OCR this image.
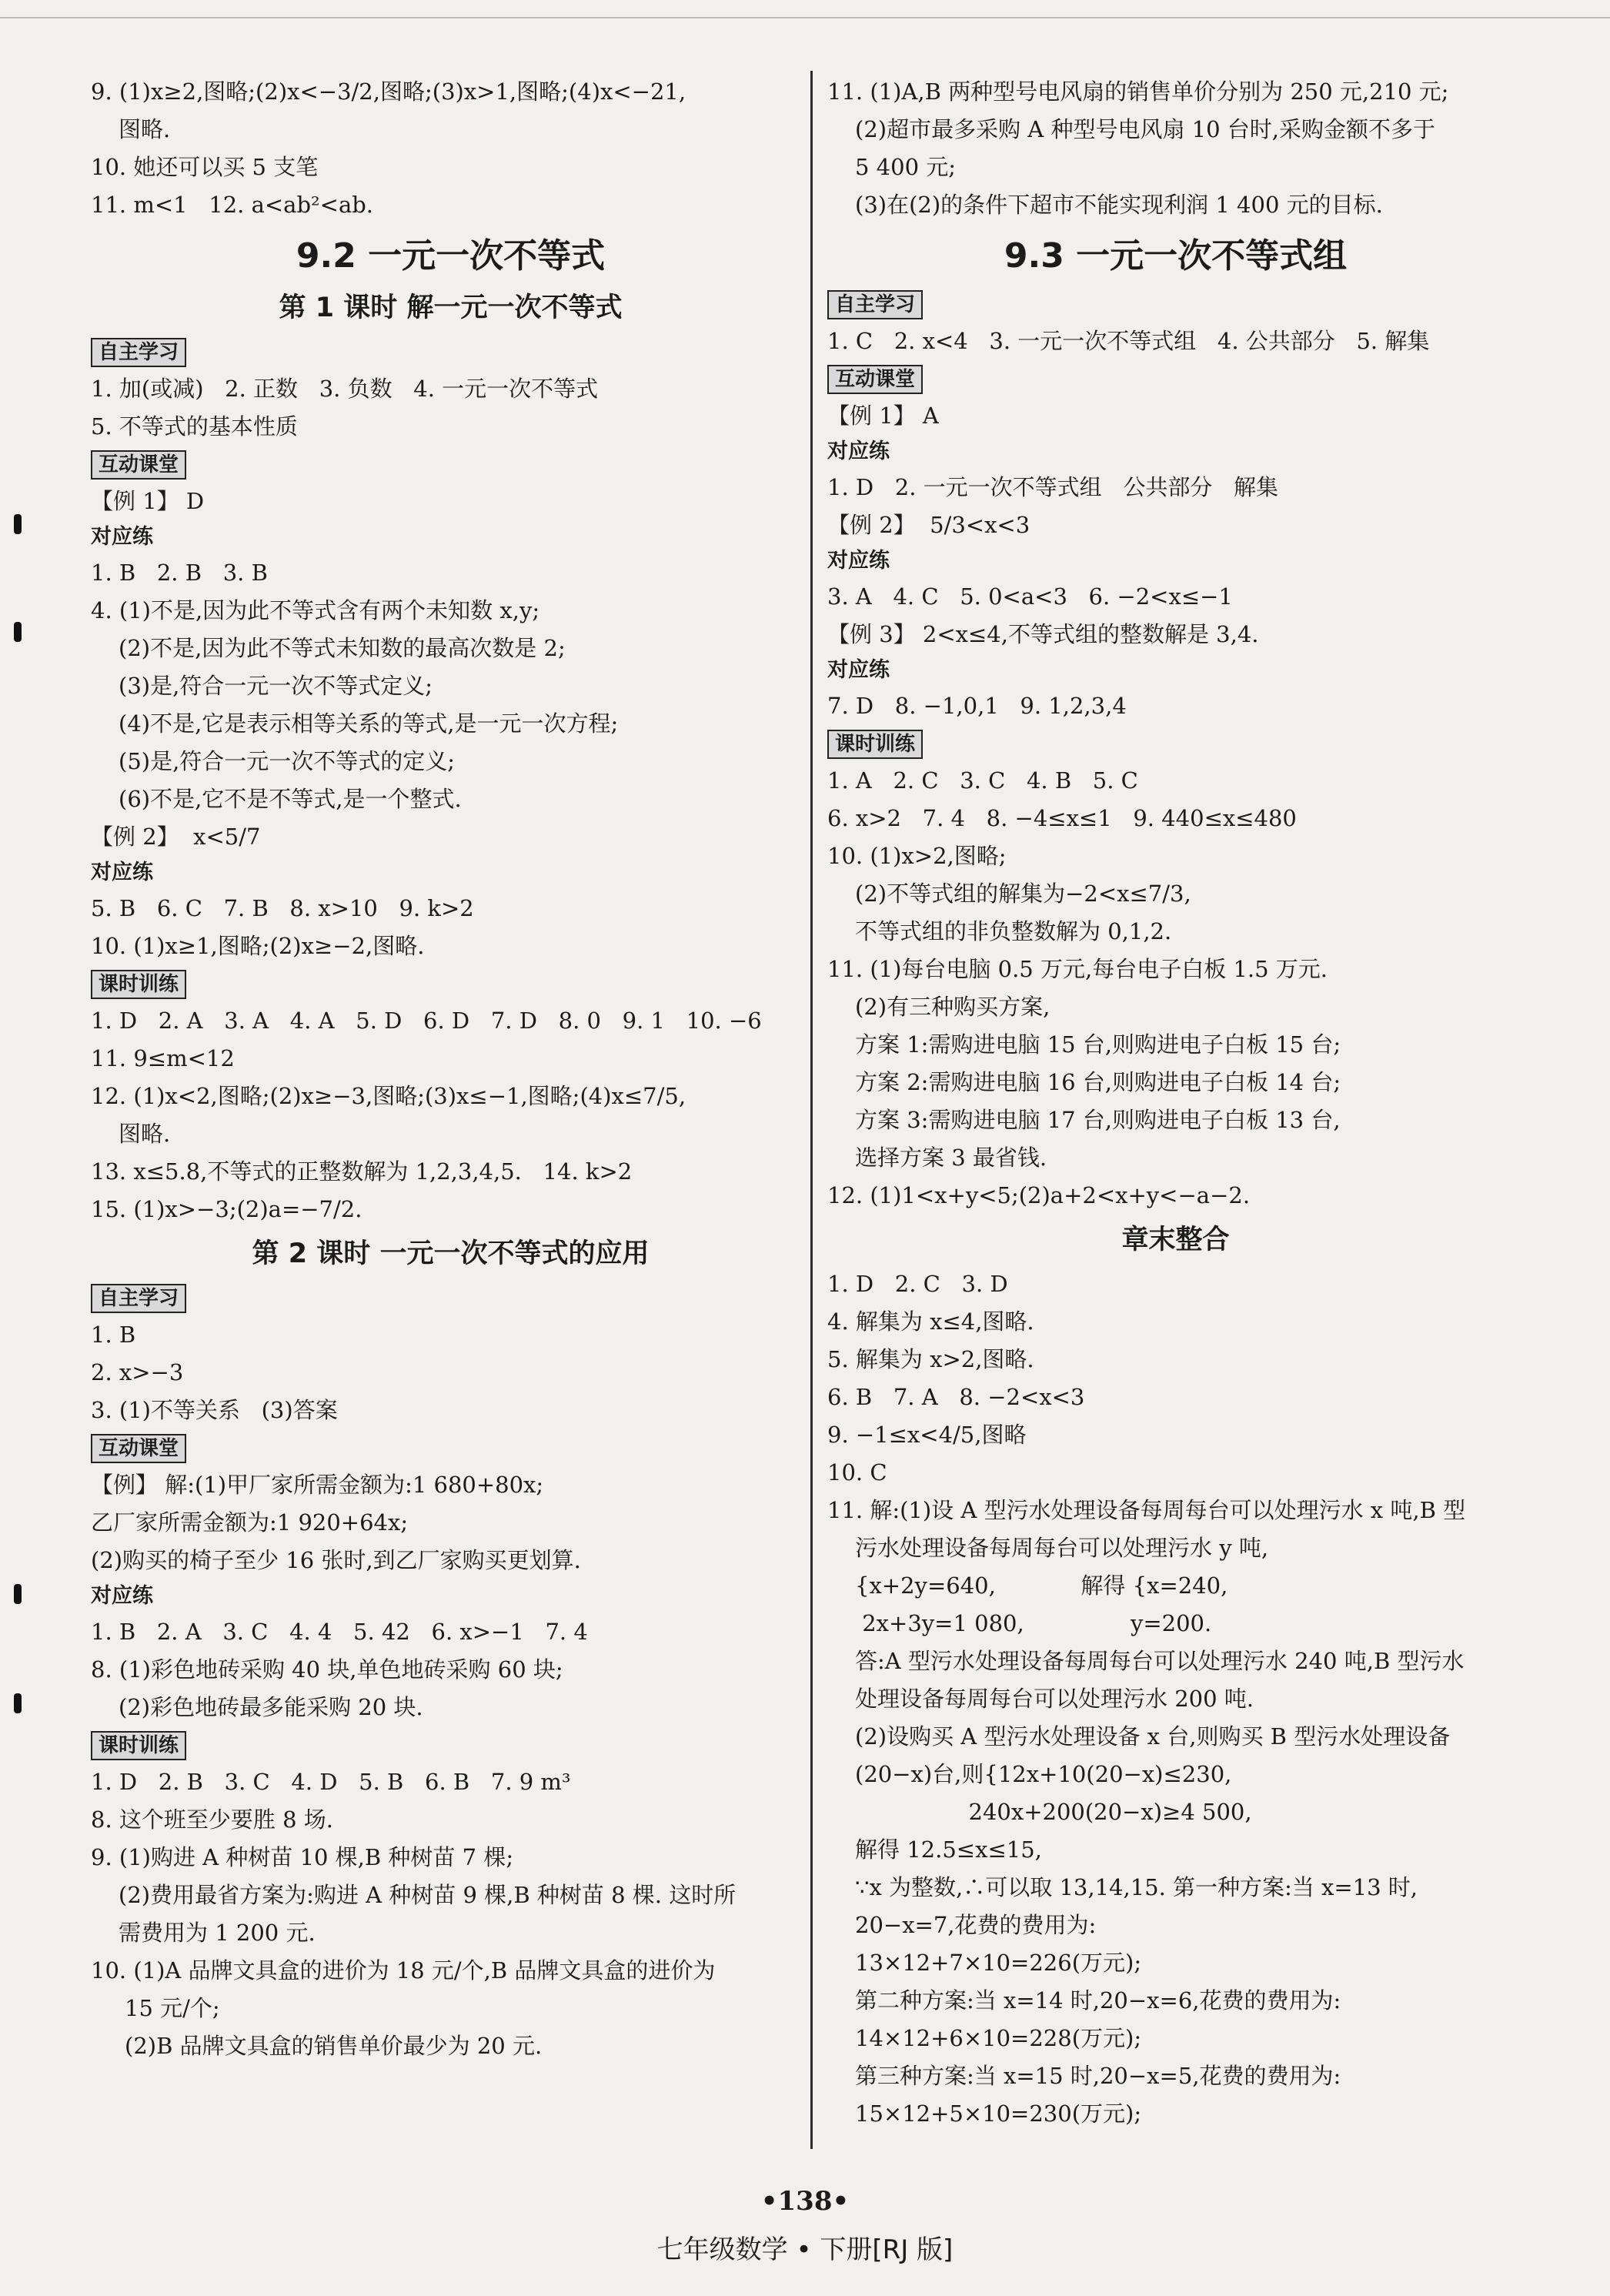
9. (1)x≥2,图略;(2)x<−3/2,图略;(3)x>1,图略;(4)x<−21,
图略.
10. 她还可以买 5 支笔
11. m<1   12. a<ab²<ab.
9.2 一元一次不等式
第 1 课时 解一元一次不等式
自主学习
1. 加(或减)   2. 正数   3. 负数   4. 一元一次不等式
5. 不等式的基本性质
互动课堂
【例 1】 D
对应练
1. B   2. B   3. B
4. (1)不是,因为此不等式含有两个未知数 x,y;
(2)不是,因为此不等式未知数的最高次数是 2;
(3)是,符合一元一次不等式定义;
(4)不是,它是表示相等关系的等式,是一元一次方程;
(5)是,符合一元一次不等式的定义;
(6)不是,它不是不等式,是一个整式.
【例 2】  x<5/7
对应练
5. B   6. C   7. B   8. x>10   9. k>2
10. (1)x≥1,图略;(2)x≥−2,图略.
课时训练
1. D   2. A   3. A   4. A   5. D   6. D   7. D   8. 0   9. 1   10. −6
11. 9≤m<12
12. (1)x<2,图略;(2)x≥−3,图略;(3)x≤−1,图略;(4)x≤7/5,
图略.
13. x≤5.8,不等式的正整数解为 1,2,3,4,5.   14. k>2
15. (1)x>−3;(2)a=−7/2.
第 2 课时 一元一次不等式的应用
自主学习
1. B
2. x>−3
3. (1)不等关系   (3)答案
互动课堂
【例】 解:(1)甲厂家所需金额为:1 680+80x;
乙厂家所需金额为:1 920+64x;
(2)购买的椅子至少 16 张时,到乙厂家购买更划算.
对应练
1. B   2. A   3. C   4. 4   5. 42   6. x>−1   7. 4
8. (1)彩色地砖采购 40 块,单色地砖采购 60 块;
(2)彩色地砖最多能采购 20 块.
课时训练
1. D   2. B   3. C   4. D   5. B   6. B   7. 9 m³
8. 这个班至少要胜 8 场.
9. (1)购进 A 种树苗 10 棵,B 种树苗 7 棵;
(2)费用最省方案为:购进 A 种树苗 9 棵,B 种树苗 8 棵. 这时所
需费用为 1 200 元.
10. (1)A 品牌文具盒的进价为 18 元/个,B 品牌文具盒的进价为
15 元/个;
(2)B 品牌文具盒的销售单价最少为 20 元.
11. (1)A,B 两种型号电风扇的销售单价分别为 250 元,210 元;
(2)超市最多采购 A 种型号电风扇 10 台时,采购金额不多于
5 400 元;
(3)在(2)的条件下超市不能实现利润 1 400 元的目标.
9.3 一元一次不等式组
自主学习
1. C   2. x<4   3. 一元一次不等式组   4. 公共部分   5. 解集
互动课堂
【例 1】 A
对应练
1. D   2. 一元一次不等式组   公共部分   解集
【例 2】  5/3<x<3
对应练
3. A   4. C   5. 0<a<3   6. −2<x≤−1
【例 3】 2<x≤4,不等式组的整数解是 3,4.
对应练
7. D   8. −1,0,1   9. 1,2,3,4
课时训练
1. A   2. C   3. C   4. B   5. C
6. x>2   7. 4   8. −4≤x≤1   9. 440≤x≤480
10. (1)x>2,图略;
(2)不等式组的解集为−2<x≤7/3,
不等式组的非负整数解为 0,1,2.
11. (1)每台电脑 0.5 万元,每台电子白板 1.5 万元.
(2)有三种购买方案,
方案 1:需购进电脑 15 台,则购进电子白板 15 台;
方案 2:需购进电脑 16 台,则购进电子白板 14 台;
方案 3:需购进电脑 17 台,则购进电子白板 13 台,
选择方案 3 最省钱.
12. (1)1<x+y<5;(2)a+2<x+y<−a−2.
章末整合
1. D   2. C   3. D
4. 解集为 x≤4,图略.
5. 解集为 x>2,图略.
6. B   7. A   8. −2<x<3
9. −1≤x<4/5,图略
10. C
11. 解:(1)设 A 型污水处理设备每周每台可以处理污水 x 吨,B 型
污水处理设备每周每台可以处理污水 y 吨,
{x+2y=640,            解得 {x=240,
2x+3y=1 080,               y=200.
答:A 型污水处理设备每周每台可以处理污水 240 吨,B 型污水
处理设备每周每台可以处理污水 200 吨.
(2)设购买 A 型污水处理设备 x 台,则购买 B 型污水处理设备
(20−x)台,则{12x+10(20−x)≤230,
240x+200(20−x)≥4 500,
解得 12.5≤x≤15,
∵x 为整数,∴可以取 13,14,15. 第一种方案:当 x=13 时,
20−x=7,花费的费用为:
13×12+7×10=226(万元);
第二种方案:当 x=14 时,20−x=6,花费的费用为:
14×12+6×10=228(万元);
第三种方案:当 x=15 时,20−x=5,花费的费用为:
15×12+5×10=230(万元);
•138•
七年级数学 • 下册[RJ 版]
